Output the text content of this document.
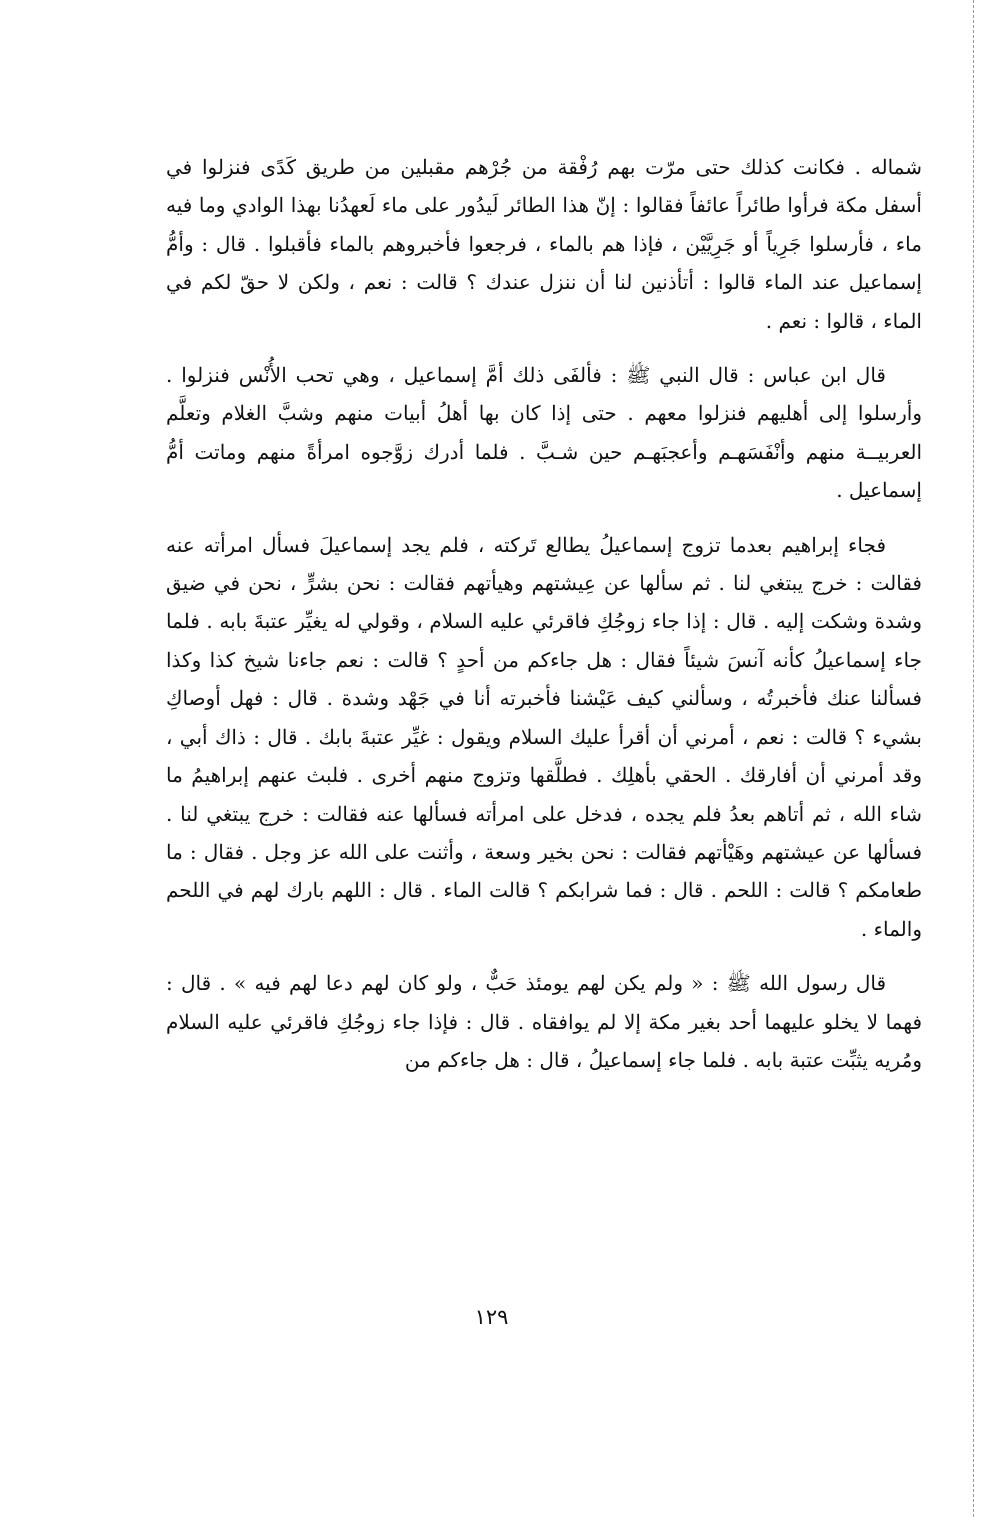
شماله . فكانت كذلك حتى مرّت بهم رُفْقة من جُرْهم مقبلين من طريق كَدًى فنزلوا في أسفل مكة فرأوا طائراً عائفاً فقالوا : إنّ هذا الطائر لَيدُور على ماء لَعهدُنا بهذا الوادي وما فيه ماء ، فأرسلوا جَرِياً أو جَرِيَّيْن ، فإذا هم بالماء ، فرجعوا فأخبروهم بالماء فأقبلوا . قال : وأمُّ إسماعيل عند الماء قالوا : أتأذنين لنا أن ننزل عندك ؟ قالت : نعم ، ولكن لا حقّ لكم في الماء ، قالوا : نعم .

قال ابن عباس : قال النبي ﷺ : فألفَى ذلك أمَّ إسماعيل ، وهي تحب الأُنْس فنزلوا . وأرسلوا إلى أهليهم فنزلوا معهم . حتى إذا كان بها أهلُ أبيات منهم وشبَّ الغلام وتعلَّم العربيــة منهم وأنْفَسَهـم وأعجبَهـم حين شـبَّ . فلما أدرك زوَّجوه امرأةً منهم وماتت أمُّ إسماعيل .

فجاء إبراهيم بعدما تزوج إسماعيلُ يطالع تَركته ، فلم يجد إسماعيلَ فسأل امرأته عنه فقالت : خرج يبتغي لنا . ثم سألها عن عِيشتهم وهيأتهم فقالت : نحن بشرٍّ ، نحن في ضيق وشدة وشكت إليه . قال : إذا جاء زوجُكِ فاقرئي عليه السلام ، وقولي له يغيِّر عتبةَ بابه . فلما جاء إسماعيلُ كأنه آنسَ شيئاً فقال : هل جاءكم من أحدٍ ؟ قالت : نعم جاءنا شيخ كذا وكذا فسألنا عنك فأخبرتُه ، وسألني كيف عَيْشنا فأخبرته أنا في جَهْد وشدة . قال : فهل أوصاكِ بشيء ؟ قالت : نعم ، أمرني أن أقرأ عليك السلام ويقول : غيِّر عتبةَ بابك . قال : ذاك أبي ، وقد أمرني أن أفارقك . الحقي بأهلِك . فطلَّقها وتزوج منهم أخرى . فلبث عنهم إبراهيمُ ما شاء الله ، ثم أتاهم بعدُ فلم يجده ، فدخل على امرأته فسألها عنه فقالت : خرج يبتغي لنا . فسألها عن عيشتهم وهَيْأتهم فقالت : نحن بخير وسعة ، وأثنت على الله عز وجل . فقال : ما طعامكم ؟ قالت : اللحم . قال : فما شرابكم ؟ قالت الماء . قال : اللهم بارك لهم في اللحم والماء .

قال رسول الله ﷺ : « ولم يكن لهم يومئذ حَبٌّ ، ولو كان لهم دعا لهم فيه » . قال : فهما لا يخلو عليهما أحد بغير مكة إلا لم يوافقاه . قال : فإذا جاء زوجُكِ فاقرئي عليه السلام ومُريه يثبِّت عتبة بابه . فلما جاء إسماعيلُ ، قال : هل جاءكم من

١٢٩
